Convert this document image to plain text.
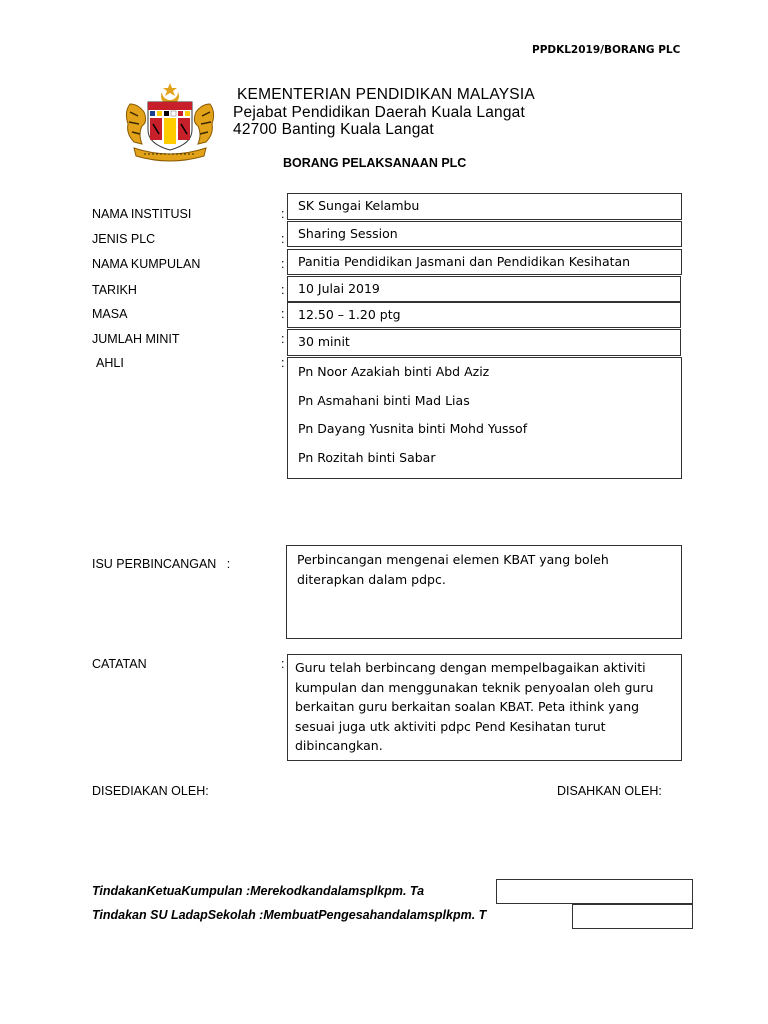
PPDKL2019/BORANG PLC
KEMENTERIAN PENDIDIKAN MALAYSIA
Pejabat Pendidikan Daerah Kuala Langat
42700 Banting Kuala Langat
BORANG PELAKSANAAN PLC
NAMA INSTITUSI	:
SK Sungai Kelambu
JENIS PLC	:	Sharing Session
NAMA KUMPULAN	:	Panitia Pendidikan Jasmani dan Pendidikan Kesihatan
TARIKH	:	10 Julai 2019
MASA	:	12.50 – 1.20 ptg
JUMLAH MINIT	:	30 minit
AHLI	:
Pn Noor Azakiah binti Abd Aziz
Pn Asmahani binti Mad Lias
Pn Dayang Yusnita binti Mohd Yussof
Pn Rozitah binti Sabar
ISU PERBINCANGAN   :	Perbincangan mengenai elemen KBAT yang boleh diterapkan dalam pdpc.
CATATAN	: Guru telah berbincang dengan mempelbagaikan aktiviti kumpulan dan menggunakan teknik penyoalan oleh guru berkaitan guru berkaitan soalan KBAT. Peta ithink yang sesuai juga utk aktiviti pdpc Pend Kesihatan turut dibincangkan.
DISEDIAKAN OLEH:	DISAHKAN OLEH:
TindakanKetuaKumpulan :Merekodkandalamsplkpm. Ta
Tindakan SU LadapSekolah :MembuatPengesahandalamsplkpm. T
